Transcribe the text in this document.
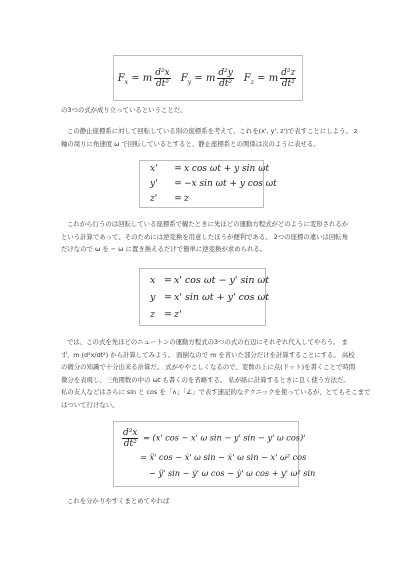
$F_x = m \frac{\text{d²x}}{\text{dt²}} F_y = m \frac{\text{d²y}}{\text{dt²}} F_z = m \frac{\text{d²z}}{\text{dt²}}$

の3つの式が成り立っているということだ。

この静止座標系に対して回転している別の座標系を考えて、これを(x', y', z')で表すことにしよう。 z
軸の周りに角速度 ω で回転しているとすると、静止座標系との関係は次のように表せる。

x' = x cos ωt + y sin ωt
y' = −x sin ωt + y cos ωt
z' = z

これから行うのは回転している座標系で観たときに先ほどの運動方程式がどのように変形されるか
という計算であって、そのためには逆変換を用意したほうが便利である。 2つの座標の違いは回転角
だけなので ω を − ω に置き換えるだけで簡単に逆変換が求められる。

x = x' cos ωt − y' sin ωt
y = x' sin ωt + y' cos ωt
z = z'

では、この式を先ほどのニュートンの運動方程式の3つの式の右辺にそれぞれ代入してやろう。 ま
ず、m (d²x/dt²) から計算してみよう。 面倒なので m を省いた部分だけを計算することにする。 高校
の微分の知識で十分出来る計算だ。 式がややこしくなるので、変数の上に点(ドット)を書くことで時間
微分を表現し、三角関数の中の ωt も書くのを省略する。 私が紙に計算するときに良く使う方法だ。
私の友人などはさらに sin と cos を「∧」「∠」で表す速記的なテクニックを使っているが、とてもそこまで
はついて行けない。

$\frac{\text{d²x}}{\text{dt²}} = (x'$ cos − x' ω sin − y' sin − y' ω cos)'
= ẍ' cos − ẋ' ω sin − ẋ' ω sin − x' ω² cos
− ÿ' sin − ẏ' ω cos − ẏ' ω cos + y' ω² sin

これを分かりやすくまとめてやれば
